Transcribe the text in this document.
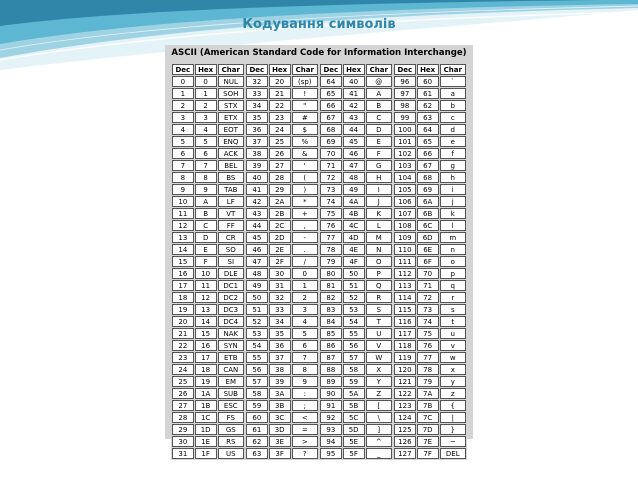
Кодування символів
ASCII (American Standard Code for Information Interchange)
Dec	Hex	Char
0	0	NUL
1	1	SOH
2	2	STX
3	3	ETX
4	4	EOT
5	5	ENQ
6	6	ACK
7	7	BEL
8	8	BS
9	9	TAB
10	A	LF
11	B	VT
12	C	FF
13	D	CR
14	E	SO
15	F	SI
16	10	DLE
17	11	DC1
18	12	DC2
19	13	DC3
20	14	DC4
21	15	NAK
22	16	SYN
23	17	ETB
24	18	CAN
25	19	EM
26	1A	SUB
27	1B	ESC
28	1C	FS
29	1D	GS
30	1E	RS
31	1F	US
Dec	Hex	Char
32	20	(sp)
33	21	!
34	22	"
35	23	#
36	24	$
37	25	%
38	26	&
39	27	'
40	28	(
41	29	)
42	2A	*
43	2B	+
44	2C	,
45	2D	-
46	2E	.
47	2F	/
48	30	0
49	31	1
50	32	2
51	33	3
52	34	4
53	35	5
54	36	6
55	37	7
56	38	8
57	39	9
58	3A	:
59	3B	;
60	3C	<
61	3D	=
62	3E	>
63	3F	?
Dec	Hex	Char
64	40	@
65	41	A
66	42	B
67	43	C
68	44	D
69	45	E
70	46	F
71	47	G
72	48	H
73	49	I
74	4A	J
75	4B	K
76	4C	L
77	4D	M
78	4E	N
79	4F	O
80	50	P
81	51	Q
82	52	R
83	53	S
84	54	T
85	55	U
86	56	V
87	57	W
88	58	X
89	59	Y
90	5A	Z
91	5B	[
92	5C	\
93	5D	]
94	5E	^
95	5F	_
Dec	Hex	Char
96	60	`
97	61	a
98	62	b
99	63	c
100	64	d
101	65	e
102	66	f
103	67	g
104	68	h
105	69	i
106	6A	j
107	6B	k
108	6C	l
109	6D	m
110	6E	n
111	6F	o
112	70	p
113	71	q
114	72	r
115	73	s
116	74	t
117	75	u
118	76	v
119	77	w
120	78	x
121	79	y
122	7A	z
123	7B	{
124	7C	|
125	7D	}
126	7E	~
127	7F	DEL
